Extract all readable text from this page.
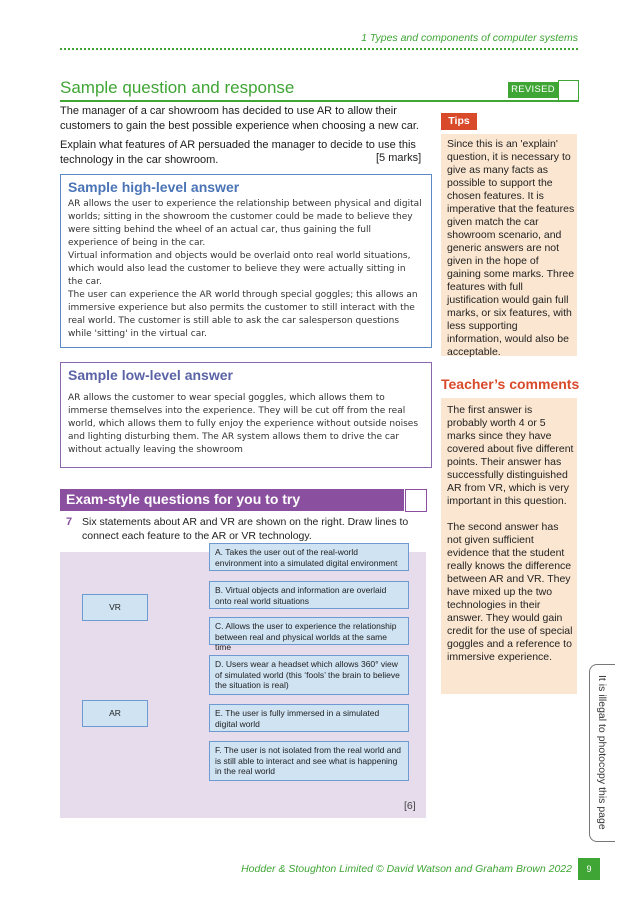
1 Types and components of computer systems
Sample question and response	REVISED
The manager of a car showroom has decided to use AR to allow their
customers to gain the best possible experience when choosing a new car.
Explain what features of AR persuaded the manager to decide to use this
technology in the car showroom.	[5 marks]
Sample high-level answer
AR allows the user to experience the relationship between physical and digital worlds; sitting in the showroom the customer could be made to believe they were sitting behind the wheel of an actual car, thus gaining the full experience of being in the car.
Virtual information and objects would be overlaid onto real world situations, which would also lead the customer to believe they were actually sitting in the car.
The user can experience the AR world through special goggles; this allows an immersive experience but also permits the customer to still interact with the real world. The customer is still able to ask the car salesperson questions while 'sitting' in the virtual car.
Sample low-level answer
AR allows the customer to wear special goggles, which allows them to immerse themselves into the experience. They will be cut off from the real world, which allows them to fully enjoy the experience without outside noises and lighting disturbing them. The AR system allows them to drive the car without actually leaving the showroom
Tips
Since this is an 'explain' question, it is necessary to give as many facts as possible to support the chosen features. It is imperative that the features given match the car showroom scenario, and generic answers are not given in the hope of gaining some marks. Three features with full justification would gain full marks, or six features, with less supporting information, would also be acceptable.
Teacher’s comments
The first answer is probably worth 4 or 5 marks since they have covered about five different points. Their answer has successfully distinguished AR from VR, which is very important in this question.
The second answer has not given sufficient evidence that the student really knows the difference between AR and VR. They have mixed up the two technologies in their answer. They would gain credit for the use of special goggles and a reference to immersive experience.
Exam-style questions for you to try
7 Six statements about AR and VR are shown on the right. Draw lines to connect each feature to the AR or VR technology.
VR
AR
A. Takes the user out of the real-world environment into a simulated digital environment
B. Virtual objects and information are overlaid onto real world situations
C. Allows the user to experience the relationship between real and physical worlds at the same time
D. Users wear a headset which allows 360° view of simulated world (this ‘fools’ the brain to believe the situation is real)
E. The user is fully immersed in a simulated digital world
F. The user is not isolated from the real world and is still able to interact and see what is happening in the real world
[6]	It is illegal to photocopy this page
Hodder & Stoughton Limited © David Watson and Graham Brown 2022	9
